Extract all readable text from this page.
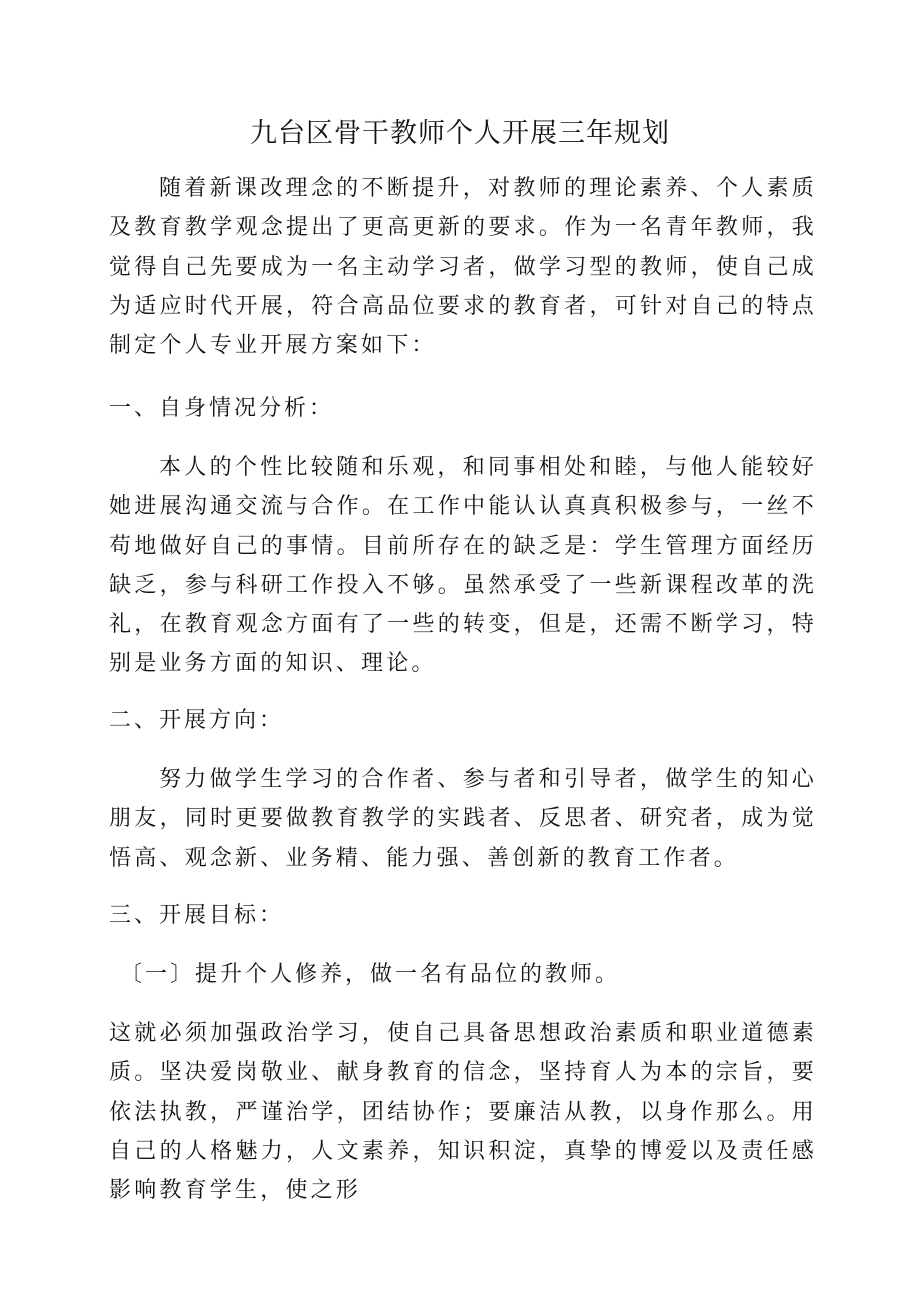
九台区骨干教师个人开展三年规划

随着新课改理念的不断提升，对教师的理论素养、个人素质及教育教学观念提出了更高更新的要求。作为一名青年教师，我觉得自己先要成为一名主动学习者，做学习型的教师，使自己成为适应时代开展，符合高品位要求的教育者，可针对自己的特点制定个人专业开展方案如下：

一、自身情况分析：

本人的个性比较随和乐观，和同事相处和睦，与他人能较好她进展沟通交流与合作。在工作中能认认真真积极参与，一丝不苟地做好自己的事情。目前所存在的缺乏是：学生管理方面经历缺乏，参与科研工作投入不够。虽然承受了一些新课程改革的洗礼，在教育观念方面有了一些的转变，但是，还需不断学习，特别是业务方面的知识、理论。

二、开展方向：

努力做学生学习的合作者、参与者和引导者，做学生的知心朋友，同时更要做教育教学的实践者、反思者、研究者，成为觉悟高、观念新、业务精、能力强、善创新的教育工作者。

三、开展目标：

〔一〕提升个人修养，做一名有品位的教师。

这就必须加强政治学习，使自己具备思想政治素质和职业道德素质。坚决爱岗敬业、献身教育的信念，坚持育人为本的宗旨，要依法执教，严谨治学，团结协作；要廉洁从教，以身作那么。用自己的人格魅力，人文素养，知识积淀，真挚的博爱以及责任感影响教育学生，使之形
